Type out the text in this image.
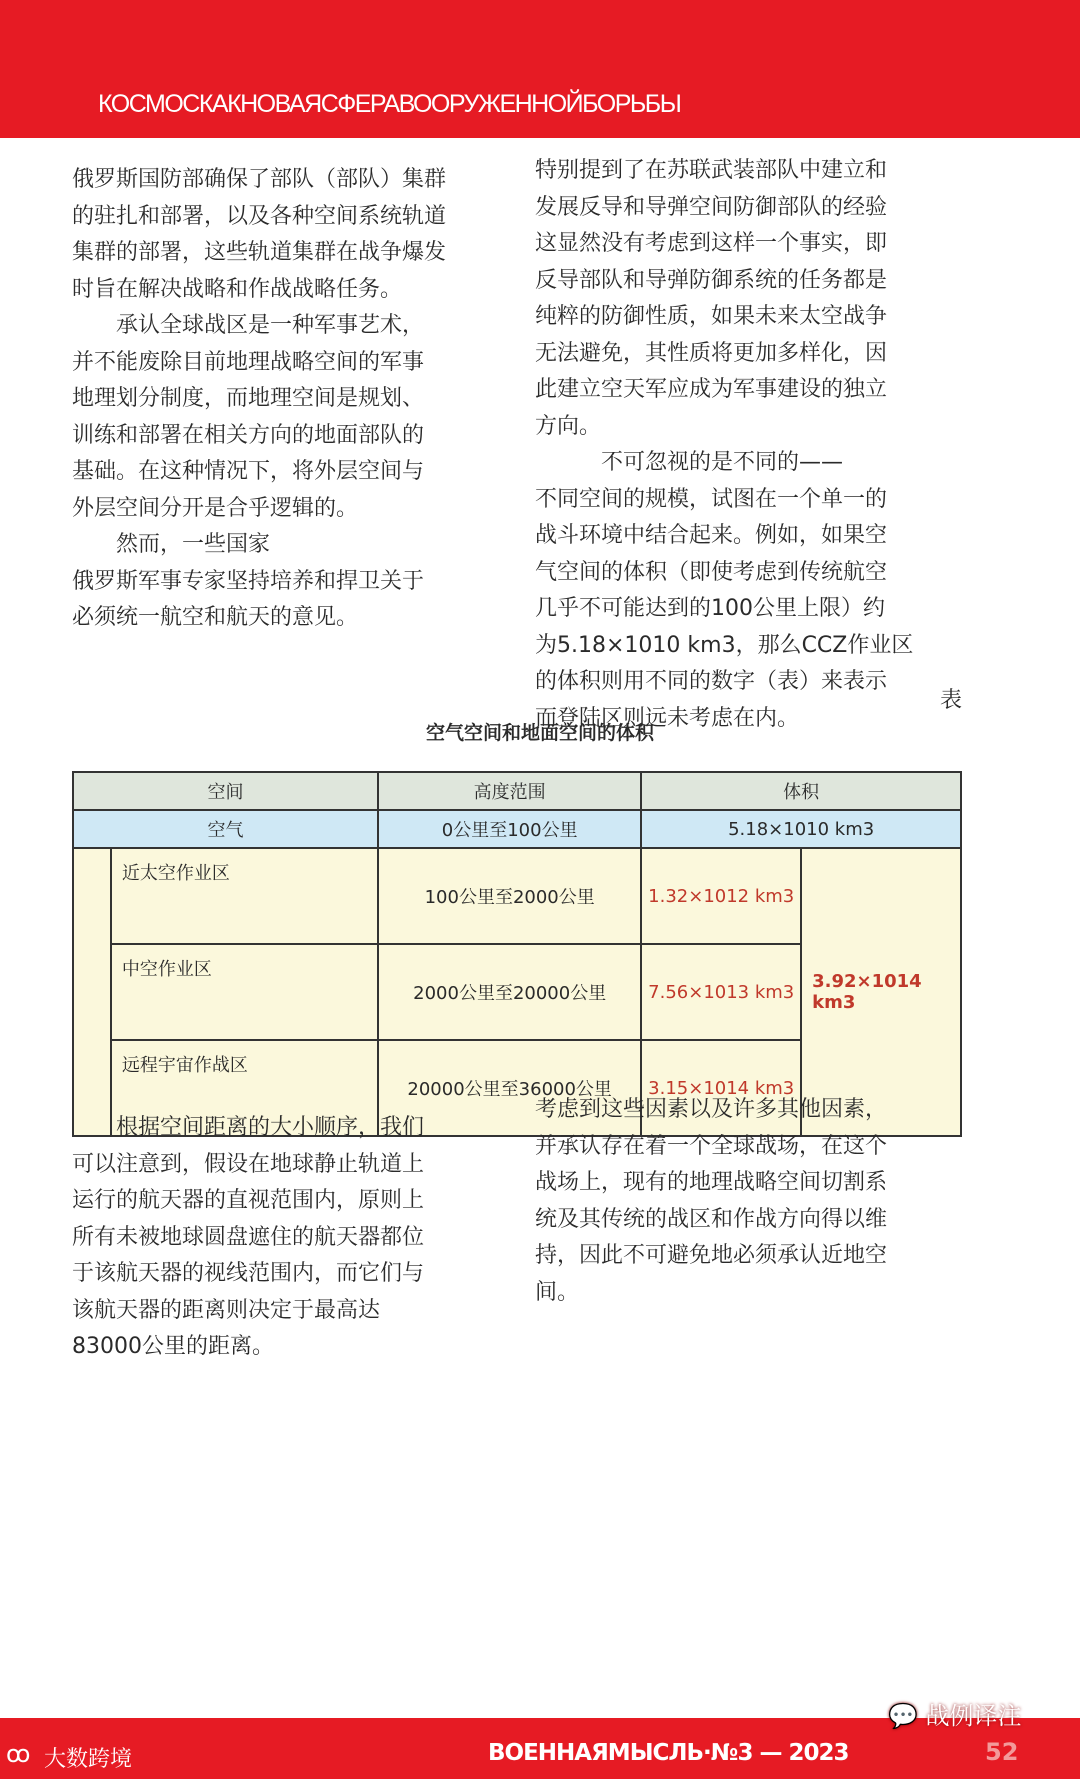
КОСМОСКАКНОВАЯСФЕРАВООРУЖЕННОЙБОРЬБЫ
俄罗斯国防部确保了部队（部队）集群
的驻扎和部署，以及各种空间系统轨道
集群的部署，这些轨道集群在战争爆发
时旨在解决战略和作战战略任务。
　　承认全球战区是一种军事艺术，
并不能废除目前地理战略空间的军事
地理划分制度，而地理空间是规划、
训练和部署在相关方向的地面部队的
基础。在这种情况下，将外层空间与
外层空间分开是合乎逻辑的。
　　然而，一些国家
俄罗斯军事专家坚持培养和捍卫关于
必须统一航空和航天的意见。
特别提到了在苏联武装部队中建立和
发展反导和导弹空间防御部队的经验
这显然没有考虑到这样一个事实，即
反导部队和导弹防御系统的任务都是
纯粹的防御性质，如果未来太空战争
无法避免，其性质将更加多样化，因
此建立空天军应成为军事建设的独立
方向。
　　　不可忽视的是不同的——
不同空间的规模，试图在一个单一的
战斗环境中结合起来。例如，如果空
气空间的体积（即使考虑到传统航空
几乎不可能达到的100公里上限）约
为5.18×1010 km3，那么CCZ作业区
的体积则用不同的数字（表）来表示
而登陆区则远未考虑在内。
表
空气空间和地面空间的体积
空间		高度范围	体积	
空气		0公里至100公里	5.18×1010 km3	
	近太空作业区	100公里至2000公里	1.32×1012 km3	3.92×1014 km3
	中空作业区	2000公里至20000公里	7.56×1013 km3	
	远程宇宙作战区	20000公里至36000公里	3.15×1014 km3	
　　根据空间距离的大小顺序，我们
可以注意到，假设在地球静止轨道上
运行的航天器的直视范围内，原则上
所有未被地球圆盘遮住的航天器都位
于该航天器的视线范围内，而它们与
该航天器的距离则决定于最高达
83000公里的距离。
考虑到这些因素以及许多其他因素，
并承认存在着一个全球战场，在这个
战场上，现有的地理战略空间切割系
统及其传统的战区和作战方向得以维
持，因此不可避免地必须承认近地空
间。
ꝏ 大数跨境	ВОЕННАЯМЫСЛЬ·№3 — 2023	52
💬 战例译注
